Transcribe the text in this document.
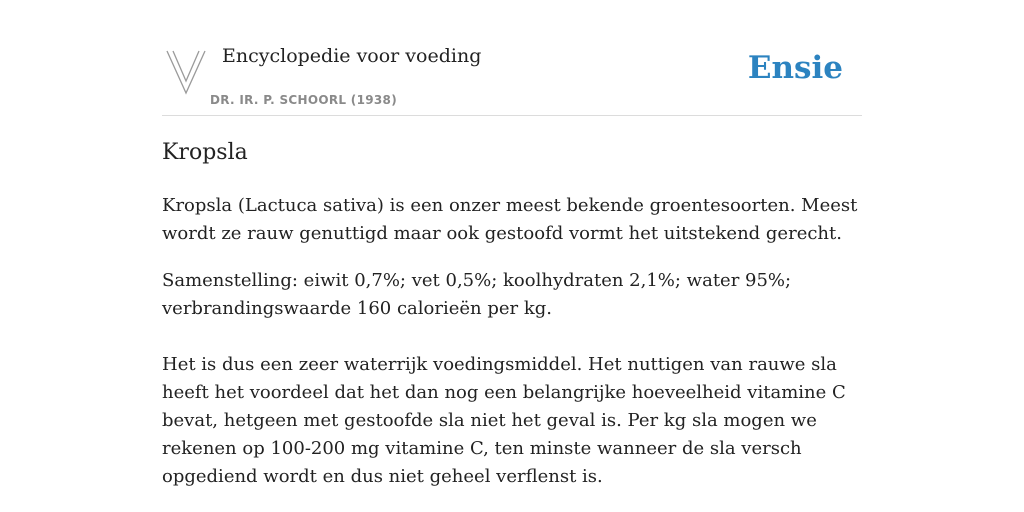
Encyclopedie voor voeding
DR. IR. P. SCHOORL (1938)
Ensie
Kropsla

Kropsla (Lactuca sativa) is een onzer meest bekende groentesoorten. Meest wordt ze rauw genuttigd maar ook gestoofd vormt het uitstekend gerecht.

Samenstelling: eiwit 0,7%; vet 0,5%; koolhydraten 2,1%; water 95%; verbrandingswaarde 160 calorieën per kg.

Het is dus een zeer waterrijk voedingsmiddel. Het nuttigen van rauwe sla heeft het voordeel dat het dan nog een belangrijke hoeveelheid vitamine C bevat, hetgeen met gestoofde sla niet het geval is. Per kg sla mogen we rekenen op 100-200 mg vitamine C, ten minste wanneer de sla versch opgediend wordt en dus niet geheel verflenst is.
